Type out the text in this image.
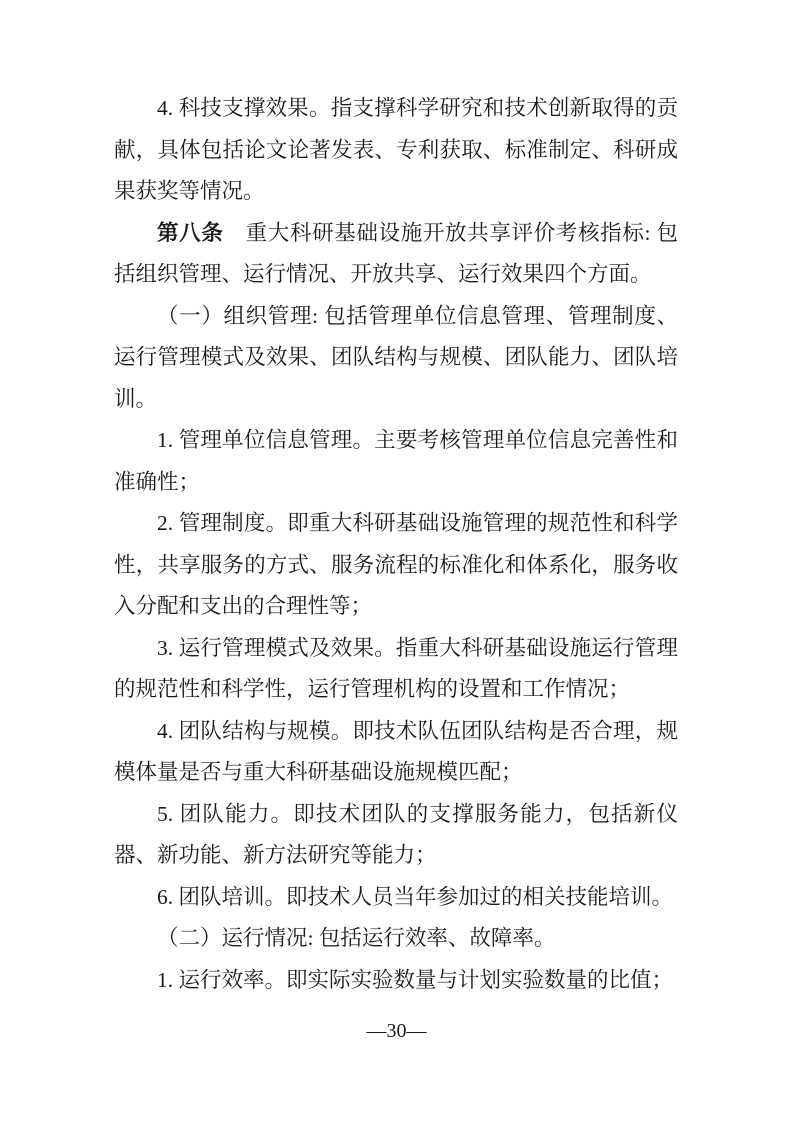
4. 科技支撑效果。指支撑科学研究和技术创新取得的贡献，具体包括论文论著发表、专利获取、标准制定、科研成果获奖等情况。

第八条　重大科研基础设施开放共享评价考核指标: 包括组织管理、运行情况、开放共享、运行效果四个方面。

（一）组织管理: 包括管理单位信息管理、管理制度、运行管理模式及效果、团队结构与规模、团队能力、团队培训。

1. 管理单位信息管理。主要考核管理单位信息完善性和准确性；

2. 管理制度。即重大科研基础设施管理的规范性和科学性，共享服务的方式、服务流程的标准化和体系化，服务收入分配和支出的合理性等；

3. 运行管理模式及效果。指重大科研基础设施运行管理的规范性和科学性，运行管理机构的设置和工作情况；

4. 团队结构与规模。即技术队伍团队结构是否合理，规模体量是否与重大科研基础设施规模匹配；

5. 团队能力。即技术团队的支撑服务能力，包括新仪器、新功能、新方法研究等能力；

6. 团队培训。即技术人员当年参加过的相关技能培训。

（二）运行情况: 包括运行效率、故障率。

1. 运行效率。即实际实验数量与计划实验数量的比值；

—30—
